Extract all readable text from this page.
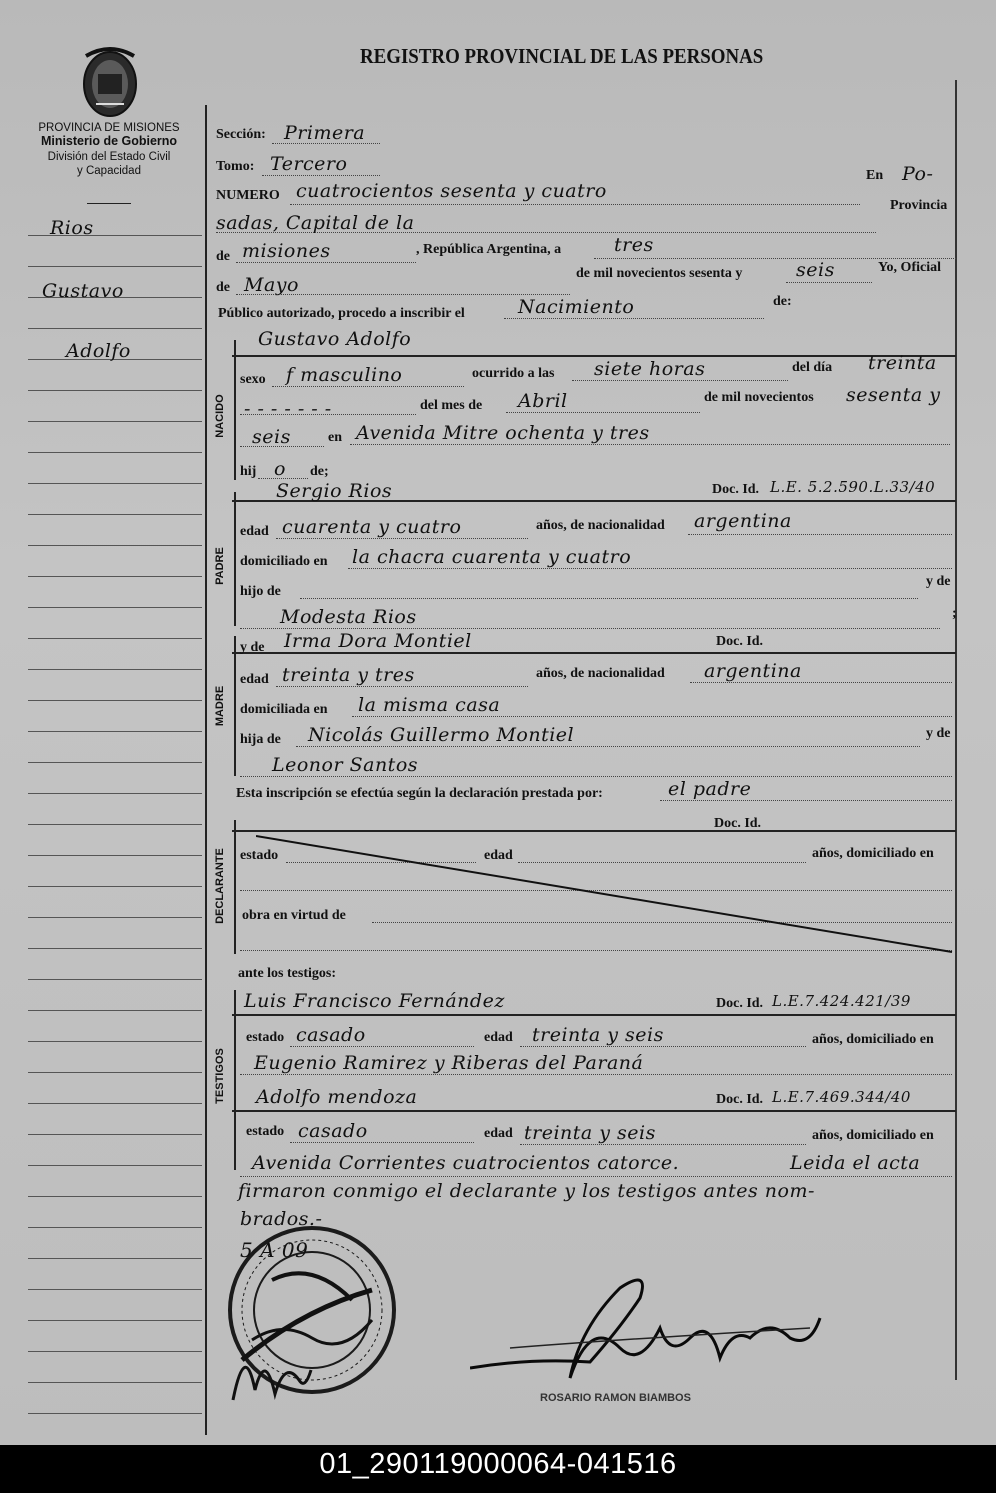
PROVINCIA DE MISIONES
Ministerio de Gobierno
División del Estado Civil
y Capacidad
REGISTRO PROVINCIAL DE LAS PERSONAS
Rios
Gustavo
Adolfo
Sección: Primera
Tomo: Tercero
NUMERO cuatrocientos sesenta y cuatro
En Po-
sadas, Capital de la
Provincia
de misiones	, República Argentina, a	tres
de Mayo
de mil novecientos sesenta y	seis	Yo, Oficial
Público autorizado, procedo a inscribir el	Nacimiento	de:
NACIDO
Gustavo Adolfo
sexo f masculino	ocurrido a las siete horas	del día treinta
- - - - - - -	del mes de Abril	de mil novecientos sesenta y
seis	en Avenida Mitre ochenta y tres
hij o de;
PADRE
Sergio Rios	Doc. Id. L.E. 5.2.590.L.33/40
edad cuarenta y cuatro	años, de nacionalidad argentina
domiciliado en la chacra cuarenta y cuatro
hijo de
y de
Modesta Rios	;
MADRE
y de Irma Dora Montiel	Doc. Id.
edad treinta y tres	años, de nacionalidad argentina
domiciliada en la misma casa
hija de Nicolás Guillermo Montiel	y de
Leonor Santos
Esta inscripción se efectúa según la declaración prestada por:	el padre
DECLARANTE
Doc. Id.
estado	edad	años, domiciliado en
obra en virtud de
ante los testigos:
TESTIGOS
Luis Francisco Fernández	Doc. Id. L.E.7.424.421/39
estado casado	edad treinta y seis	años, domiciliado en
Eugenio Ramirez y Riberas del Paraná
Adolfo mendoza	Doc. Id. L.E.7.469.344/40
estado casado	edad treinta y seis	años, domiciliado en
Avenida Corrientes cuatrocientos catorce.	Leida el acta
firmaron conmigo el declarante y los testigos antes nom-
brados.-
5 A 09
ROSARIO RAMON BIAMBOS
01_290119000064-041516
